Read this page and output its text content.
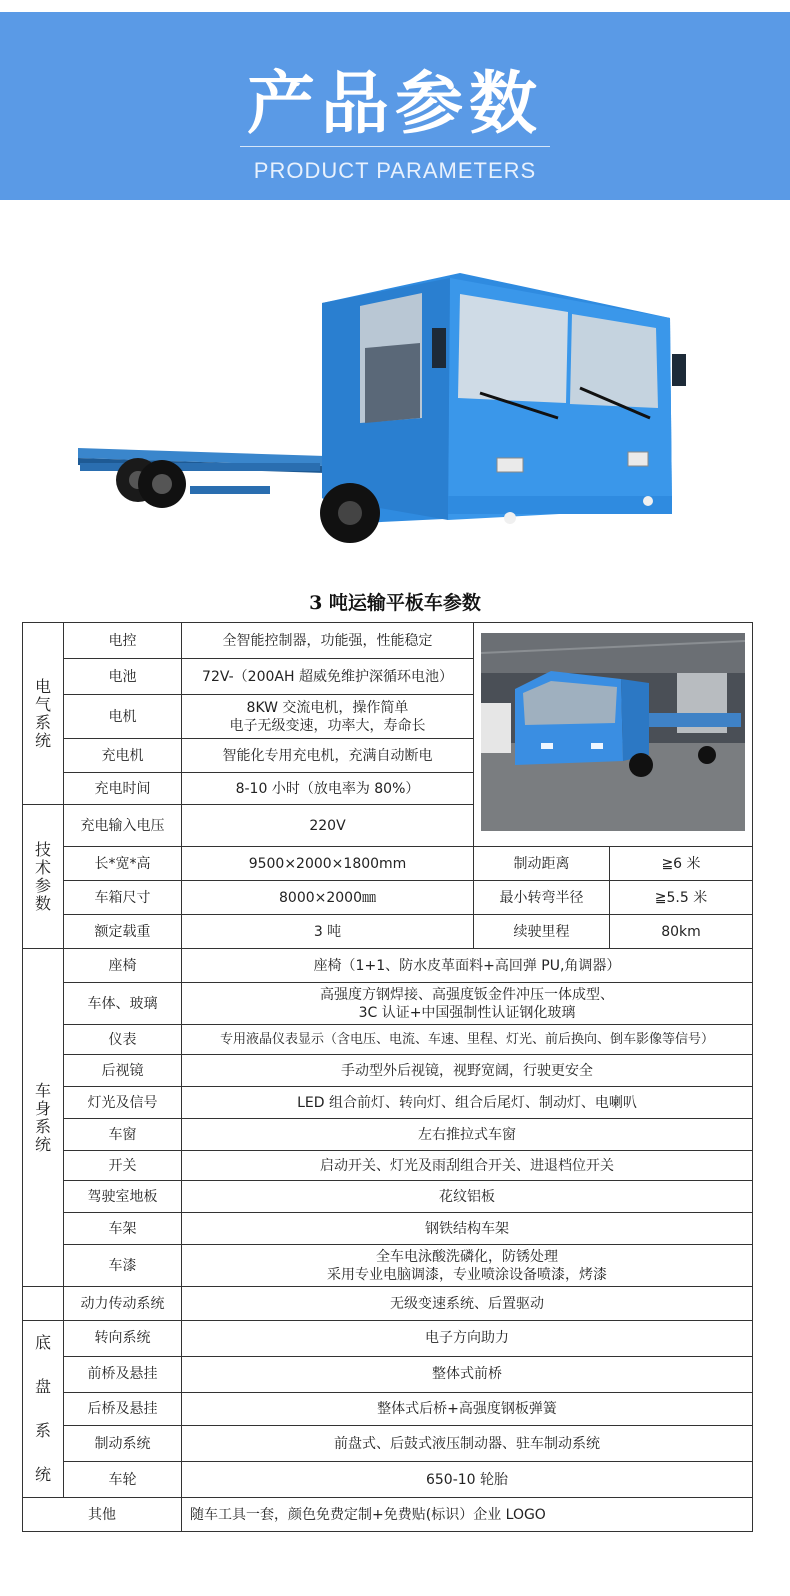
产品参数
PRODUCT PARAMETERS
3 吨运输平板车参数
电
气
系
统	电控	全智能控制器，功能强，性能稳定	
	电池	72V-（200AH 超威免维护深循环电池）		
	电机	8KW 交流电机，操作简单
电子无级变速，功率大，寿命长		

	充电机	智能化专用充电机，充满自动断电		
	充电时间	8-10 小时（放电率为 80%）		

技
术
参
数	充电输入电压	220V		
	长*宽*高	9500×2000×1800mm	制动距离	≧6 米
	车箱尺寸	8000×2000㎜	最小转弯半径	≧5.5 米
	额定载重	3 吨	续驶里程	80km

车
身
系
统	座椅	座椅（1+1、防水皮革面料+高回弹 PU,角调器）		
	车体、玻璃	高强度方钢焊接、高强度钣金件冲压一体成型、
3C 认证+中国强制性认证钢化玻璃		

	仪表	专用液晶仪表显示（含电压、电流、车速、里程、灯光、前后换向、倒车影像等信号）		
	后视镜	手动型外后视镜，视野宽阔，行驶更安全		
	灯光及信号	LED 组合前灯、转向灯、组合后尾灯、制动灯、电喇叭		
	车窗	左右推拉式车窗		
	开关	启动开关、灯光及雨刮组合开关、进退档位开关		
	驾驶室地板	花纹铝板		
	车架	钢铁结构车架		
	车漆	全车电泳酸洗磷化，防锈处理
采用专业电脑调漆，专业喷涂设备喷漆，烤漆		

	动力传动系统	无级变速系统、后置驱动		

底
盘
系
统	转向系统	电子方向助力		
	前桥及悬挂	整体式前桥		
	后桥及悬挂	整体式后桥+高强度钢板弹簧		
	制动系统	前盘式、后鼓式液压制动器、驻车制动系统		
	车轮	650-10 轮胎		
其他		随车工具一套，颜色免费定制+免费贴(标识）企业 LOGO		
